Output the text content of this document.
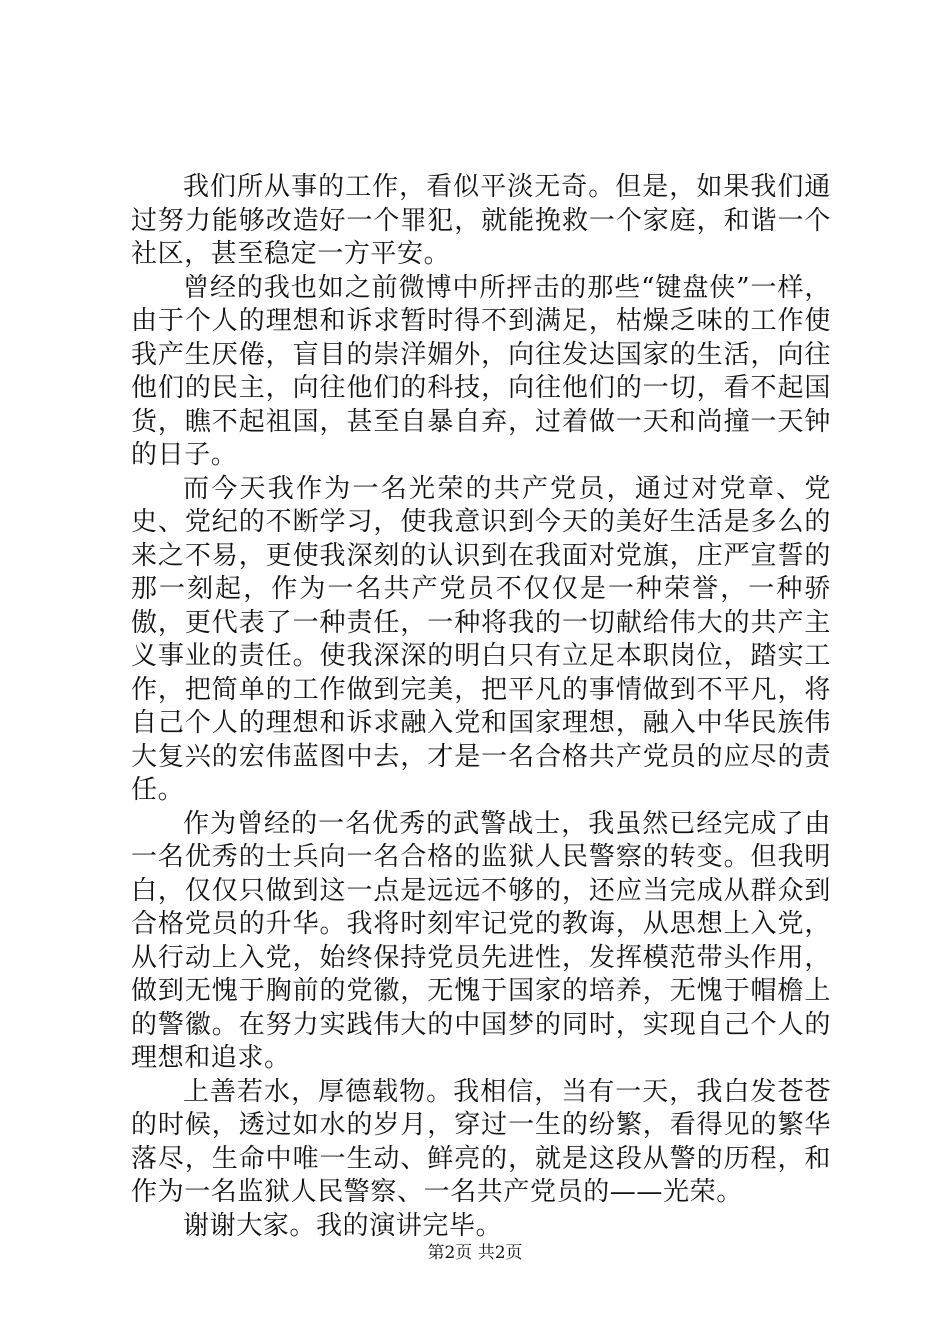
我们所从事的工作，看似平淡无奇。但是，如果我们通过努力能够改造好一个罪犯，就能挽救一个家庭，和谐一个社区，甚至稳定一方平安。

曾经的我也如之前微博中所抨击的那些“键盘侠”一样，由于个人的理想和诉求暂时得不到满足，枯燥乏味的工作使我产生厌倦，盲目的崇洋媚外，向往发达国家的生活，向往他们的民主，向往他们的科技，向往他们的一切，看不起国货，瞧不起祖国，甚至自暴自弃，过着做一天和尚撞一天钟的日子。

而今天我作为一名光荣的共产党员，通过对党章、党史、党纪的不断学习，使我意识到今天的美好生活是多么的来之不易，更使我深刻的认识到在我面对党旗，庄严宣誓的那一刻起，作为一名共产党员不仅仅是一种荣誉，一种骄傲，更代表了一种责任，一种将我的一切献给伟大的共产主义事业的责任。使我深深的明白只有立足本职岗位，踏实工作，把简单的工作做到完美，把平凡的事情做到不平凡，将自己个人的理想和诉求融入党和国家理想，融入中华民族伟大复兴的宏伟蓝图中去，才是一名合格共产党员的应尽的责任。

作为曾经的一名优秀的武警战士，我虽然已经完成了由一名优秀的士兵向一名合格的监狱人民警察的转变。但我明白，仅仅只做到这一点是远远不够的，还应当完成从群众到合格党员的升华。我将时刻牢记党的教诲，从思想上入党，从行动上入党，始终保持党员先进性，发挥模范带头作用，做到无愧于胸前的党徽，无愧于国家的培养，无愧于帽檐上的警徽。在努力实践伟大的中国梦的同时，实现自己个人的理想和追求。

上善若水，厚德载物。我相信，当有一天，我白发苍苍的时候，透过如水的岁月，穿过一生的纷繁，看得见的繁华落尽，生命中唯一生动、鲜亮的，就是这段从警的历程，和作为一名监狱人民警察、一名共产党员的——光荣。

谢谢大家。我的演讲完毕。

第2页 共2页
